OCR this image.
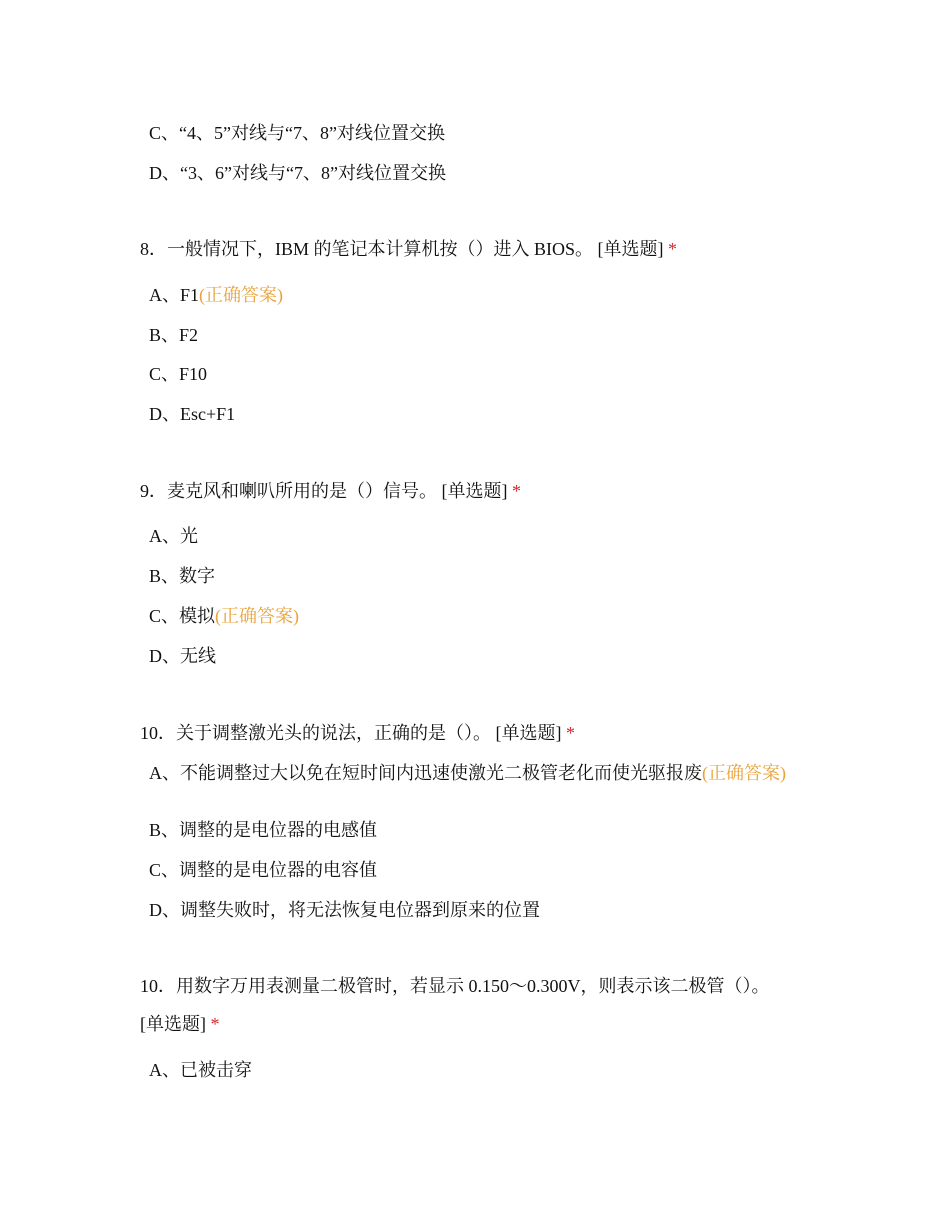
C、“4、5”对线与“7、8”对线位置交换
D、“3、6”对线与“7、8”对线位置交换
8．一般情况下，IBM 的笔记本计算机按（）进入 BIOS。 [单选题] *
A、F1(正确答案)
B、F2
C、F10
D、Esc+F1
9．麦克风和喇叭所用的是（）信号。 [单选题] *
A、光
B、数字
C、模拟(正确答案)
D、无线
10．关于调整激光头的说法，正确的是（）。 [单选题] *
A、不能调整过大以免在短时间内迅速使激光二极管老化而使光驱报废(正确答案)
B、调整的是电位器的电感值
C、调整的是电位器的电容值
D、调整失败时，将无法恢复电位器到原来的位置
10．用数字万用表测量二极管时，若显示 0.150～0.300V，则表示该二极管（）。
[单选题] *
A、已被击穿
